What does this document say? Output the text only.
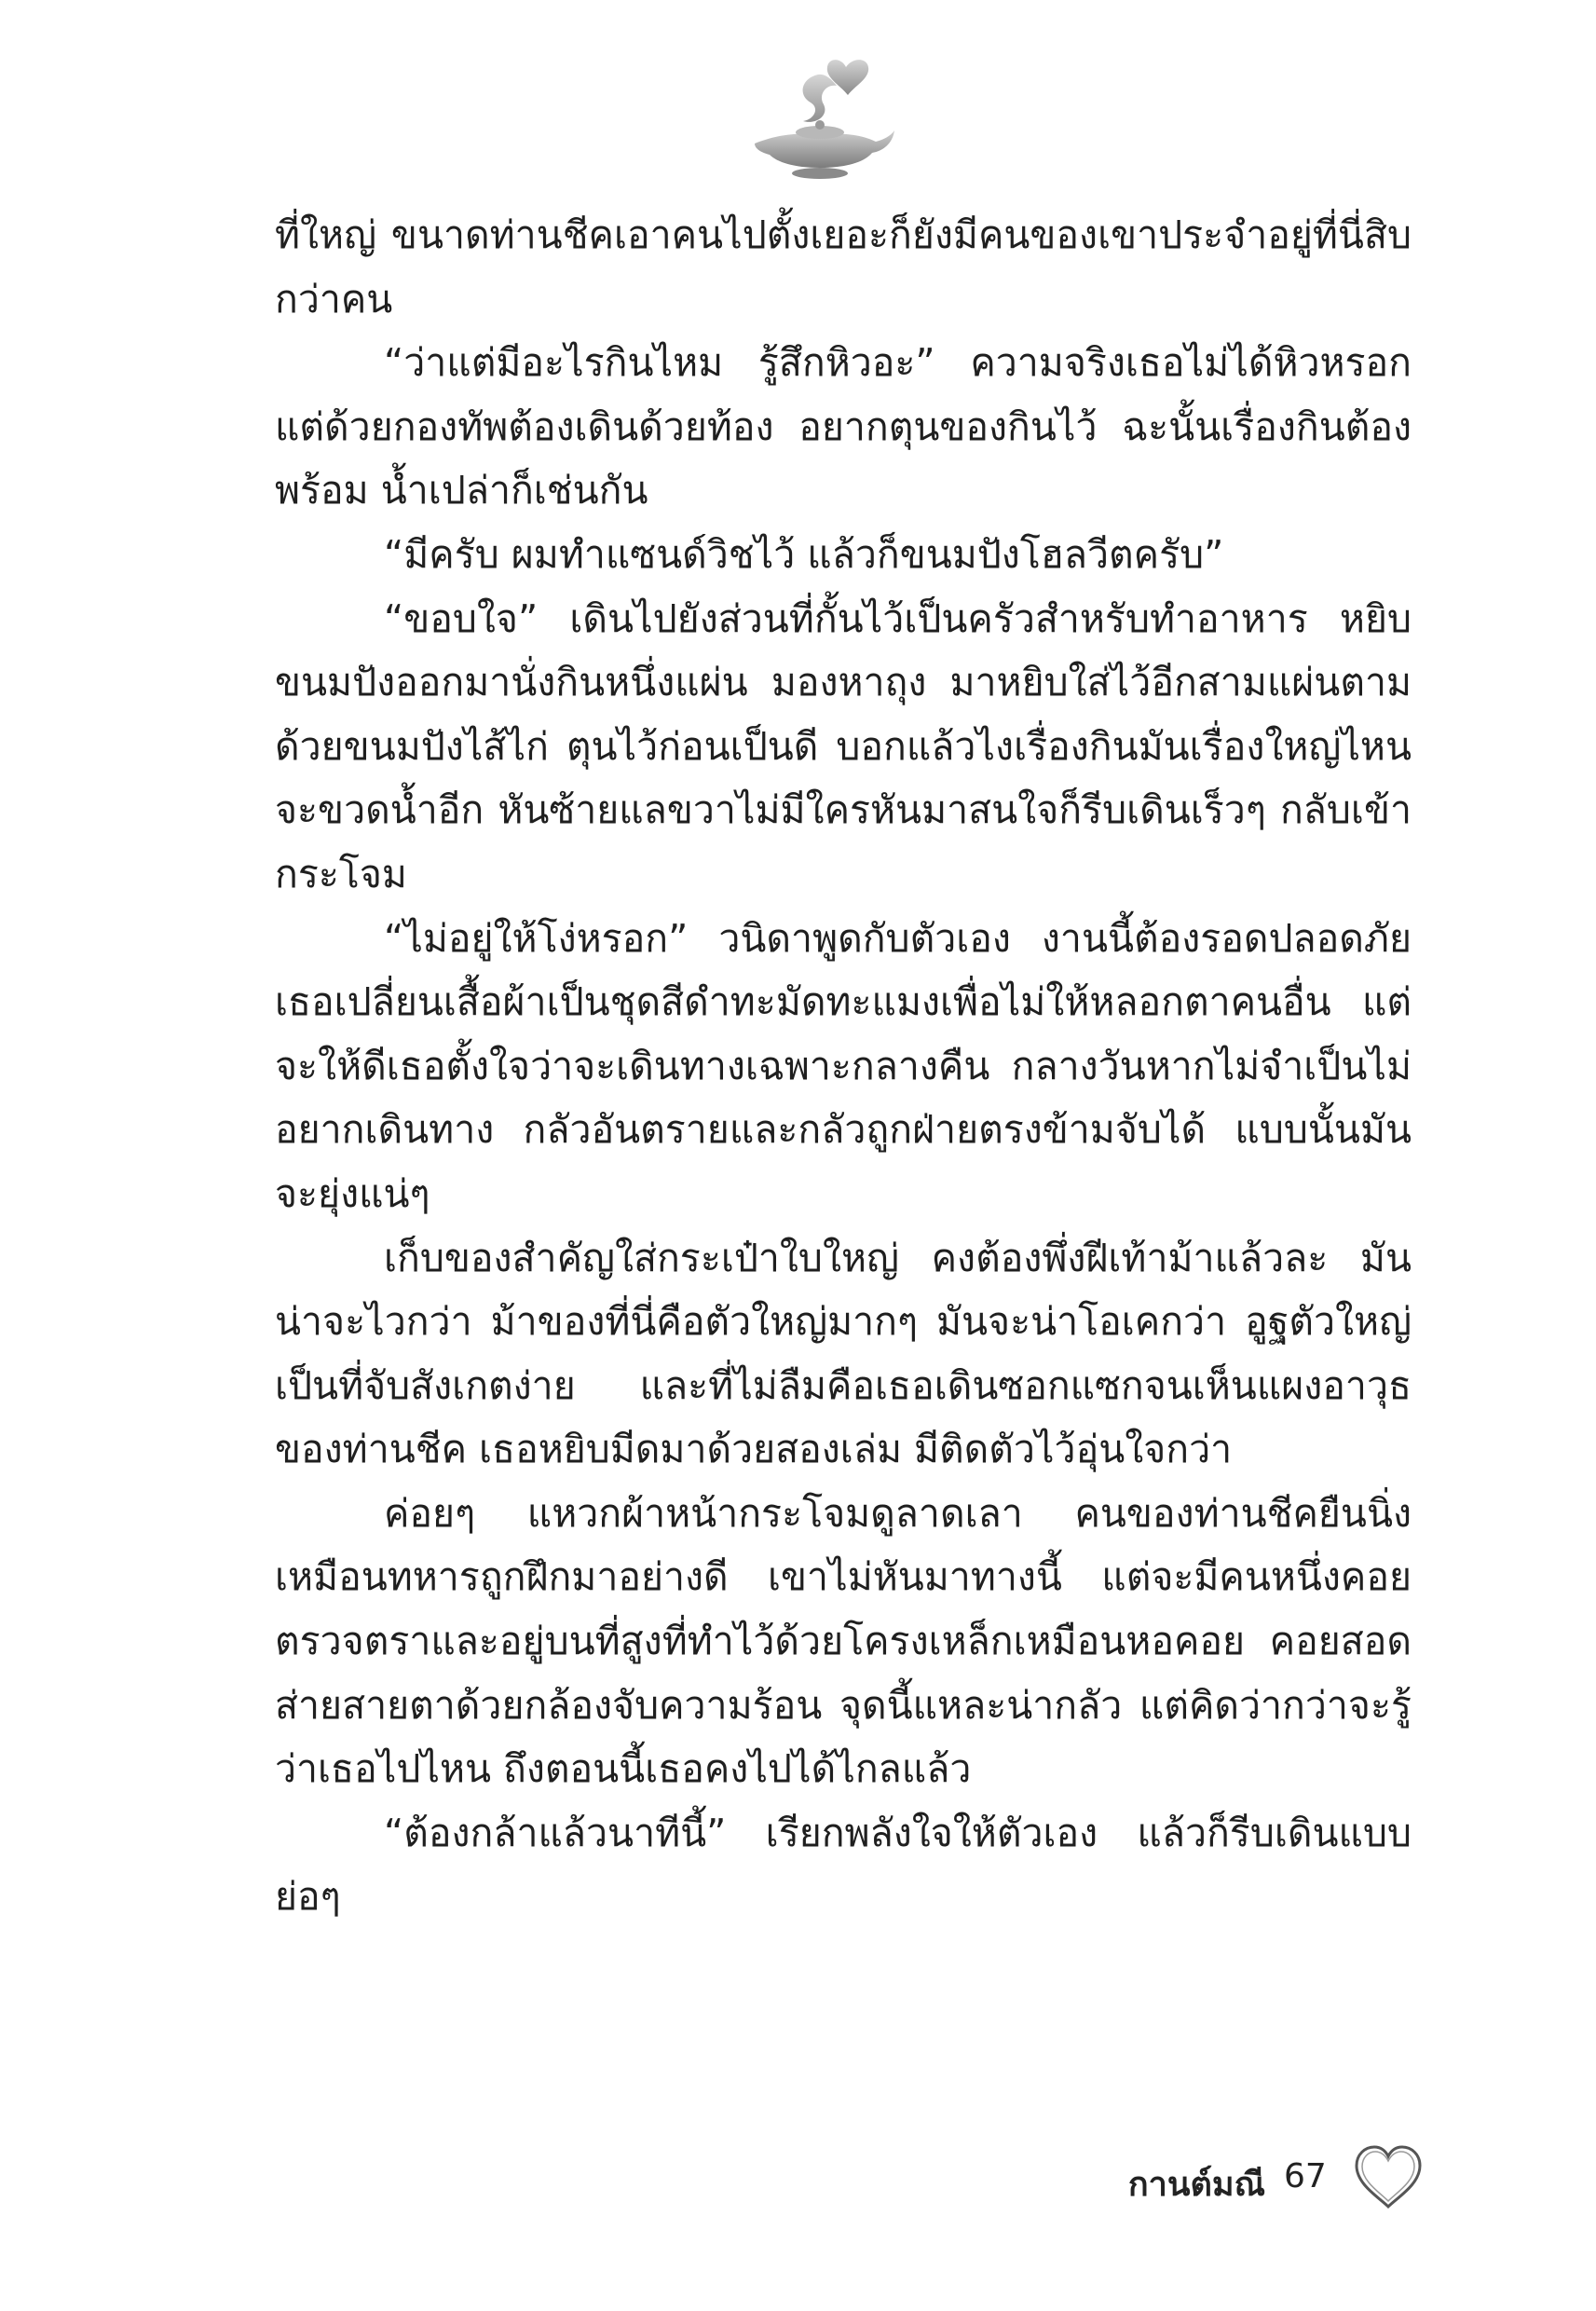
ที่ใหญ่ ขนาดท่านชีคเอาคนไปตั้งเยอะก็ยังมีคนของเขาประจำอยู่ที่นี่สิบกว่าคน

“ว่าแต่มีอะไรกินไหม รู้สึกหิวอะ” ความจริงเธอไม่ได้หิวหรอก แต่ด้วยกองทัพต้องเดินด้วยท้อง อยากตุนของกินไว้ ฉะนั้นเรื่องกินต้องพร้อม น้ำเปล่าก็เช่นกัน

“มีครับ ผมทำแซนด์วิชไว้ แล้วก็ขนมปังโฮลวีตครับ”

“ขอบใจ” เดินไปยังส่วนที่กั้นไว้เป็นครัวสำหรับทำอาหาร หยิบขนมปังออกมานั่งกินหนึ่งแผ่น มองหาถุง มาหยิบใส่ไว้อีกสามแผ่นตามด้วยขนมปังไส้ไก่ ตุนไว้ก่อนเป็นดี บอกแล้วไงเรื่องกินมันเรื่องใหญ่ไหนจะขวดน้ำอีก หันซ้ายแลขวาไม่มีใครหันมาสนใจก็รีบเดินเร็วๆ กลับเข้ากระโจม

“ไม่อยู่ให้โง่หรอก” วนิดาพูดกับตัวเอง งานนี้ต้องรอดปลอดภัย เธอเปลี่ยนเสื้อผ้าเป็นชุดสีดำทะมัดทะแมงเพื่อไม่ให้หลอกตาคนอื่น แต่จะให้ดีเธอตั้งใจว่าจะเดินทางเฉพาะกลางคืน กลางวันหากไม่จำเป็นไม่อยากเดินทาง กลัวอันตรายและกลัวถูกฝ่ายตรงข้ามจับได้ แบบนั้นมันจะยุ่งแน่ๆ

เก็บของสำคัญใส่กระเป๋าใบใหญ่ คงต้องพึ่งฝีเท้าม้าแล้วละ มันน่าจะไวกว่า ม้าของที่นี่คือตัวใหญ่มากๆ มันจะน่าโอเคกว่า อูฐตัวใหญ่เป็นที่จับสังเกตง่าย และที่ไม่ลืมคือเธอเดินซอกแซกจนเห็นแผงอาวุธของท่านชีค เธอหยิบมีดมาด้วยสองเล่ม มีติดตัวไว้อุ่นใจกว่า

ค่อยๆ แหวกผ้าหน้ากระโจมดูลาดเลา คนของท่านชีคยืนนิ่งเหมือนทหารถูกฝึกมาอย่างดี เขาไม่หันมาทางนี้ แต่จะมีคนหนึ่งคอยตรวจตราและอยู่บนที่สูงที่ทำไว้ด้วยโครงเหล็กเหมือนหอคอย คอยสอดส่ายสายตาด้วยกล้องจับความร้อน จุดนี้แหละน่ากลัว แต่คิดว่ากว่าจะรู้ว่าเธอไปไหน ถึงตอนนี้เธอคงไปได้ไกลแล้ว

“ต้องกล้าแล้วนาทีนี้” เรียกพลังใจให้ตัวเอง แล้วก็รีบเดินแบบย่อๆ

กานต์มณี 67
